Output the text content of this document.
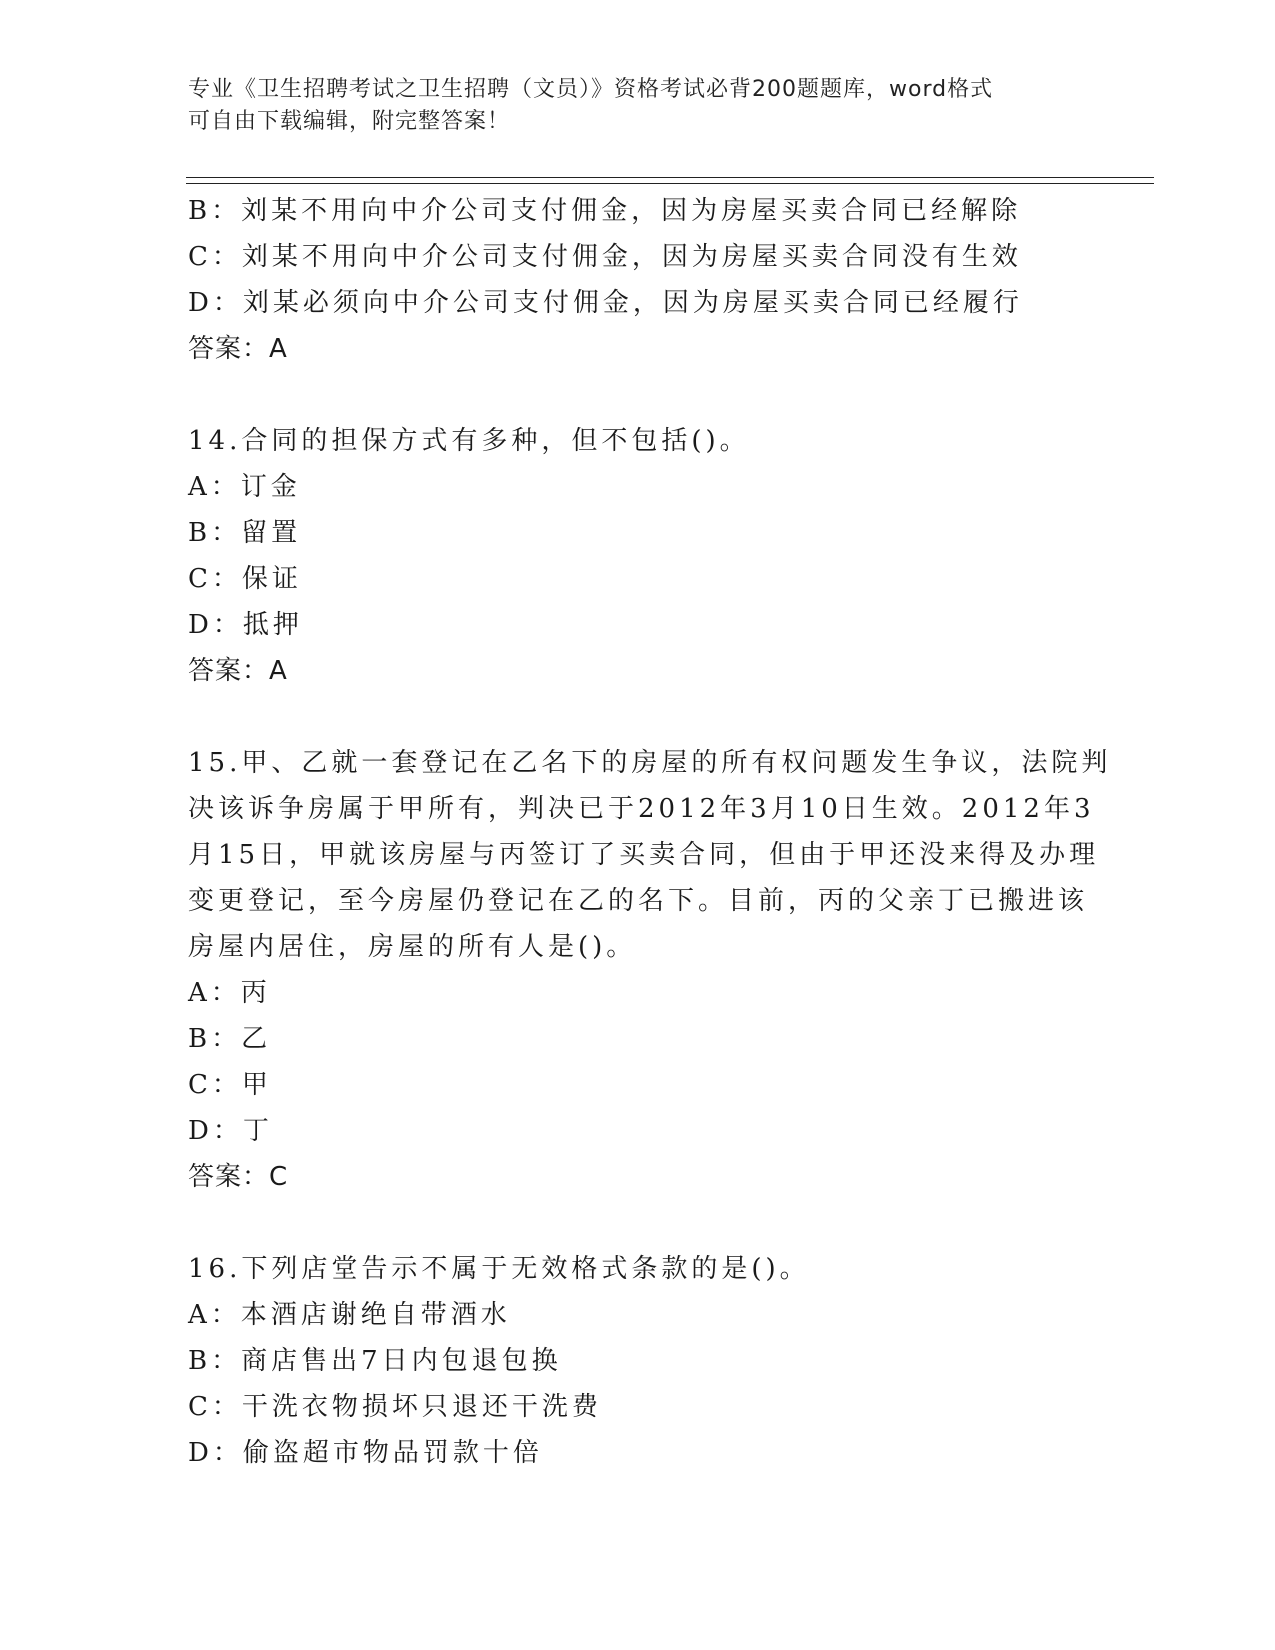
专业《卫生招聘考试之卫生招聘（文员）》资格考试必背200题题库，word格式
可自由下载编辑，附完整答案！
B：刘某不用向中介公司支付佣金，因为房屋买卖合同已经解除
C：刘某不用向中介公司支付佣金，因为房屋买卖合同没有生效
D：刘某必须向中介公司支付佣金，因为房屋买卖合同已经履行
答案：A
14.合同的担保方式有多种，但不包括()。
A：订金
B：留置
C：保证
D：抵押
答案：A
15.甲、乙就一套登记在乙名下的房屋的所有权问题发生争议，法院判
决该诉争房属于甲所有，判决已于2012年3月10日生效。2012年3
月15日，甲就该房屋与丙签订了买卖合同，但由于甲还没来得及办理
变更登记，至今房屋仍登记在乙的名下。目前，丙的父亲丁已搬进该
房屋内居住，房屋的所有人是()。
A：丙
B：乙
C：甲
D：丁
答案：C
16.下列店堂告示不属于无效格式条款的是()。
A：本酒店谢绝自带酒水
B：商店售出7日内包退包换
C：干洗衣物损坏只退还干洗费
D：偷盗超市物品罚款十倍
